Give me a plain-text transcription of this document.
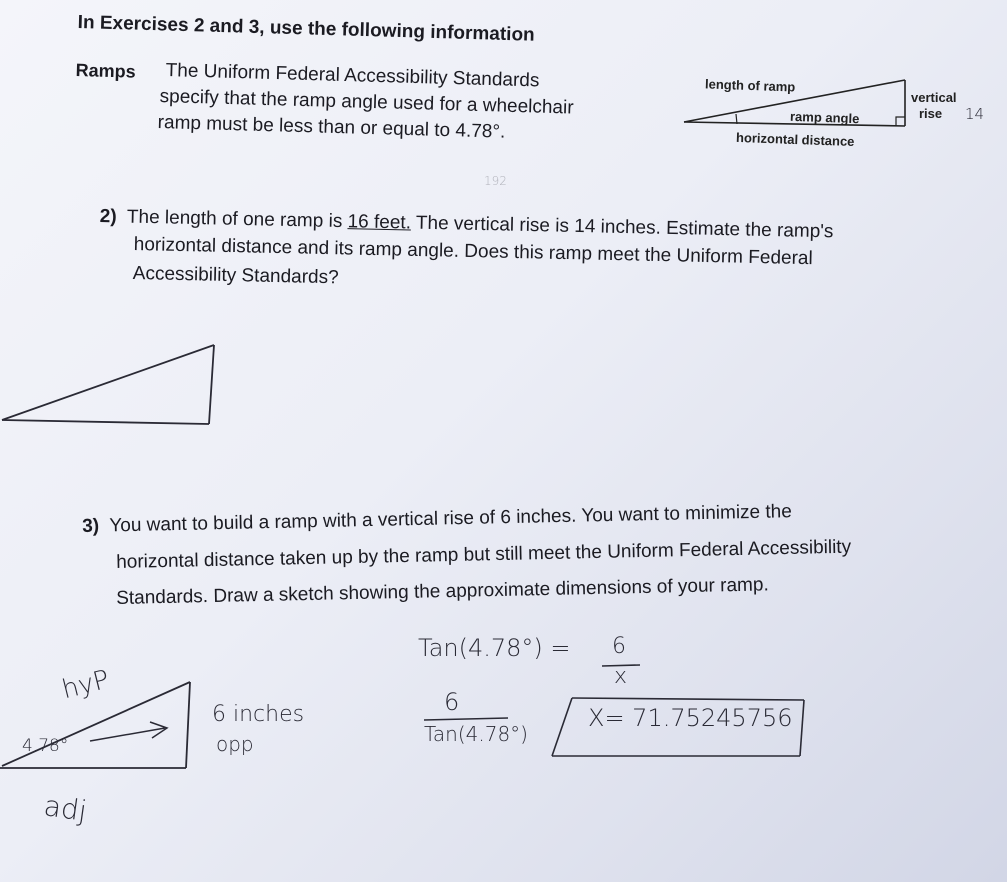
In Exercises 2 and 3, use the following information
Ramps The Uniform Federal Accessibility Standards
specify that the ramp angle used for a wheelchair
ramp must be less than or equal to 4.78°.
length of ramp
vertical
rise 14
ramp angle
horizontal distance
2) The length of one ramp is 16 feet. The vertical rise is 14 inches. Estimate the ramp's
horizontal distance and its ramp angle. Does this ramp meet the Uniform Federal
Accessibility Standards?
192
3) You want to build a ramp with a vertical rise of 6 inches. You want to minimize the
horizontal distance taken up by the ramp but still meet the Uniform Federal Accessibility
Standards. Draw a sketch showing the approximate dimensions of your ramp.
Tan(4.78°) = 6
x
hyP
4.78°
adj
6 inches
opp
6
Tan(4.78°)
X= 71.75245756
